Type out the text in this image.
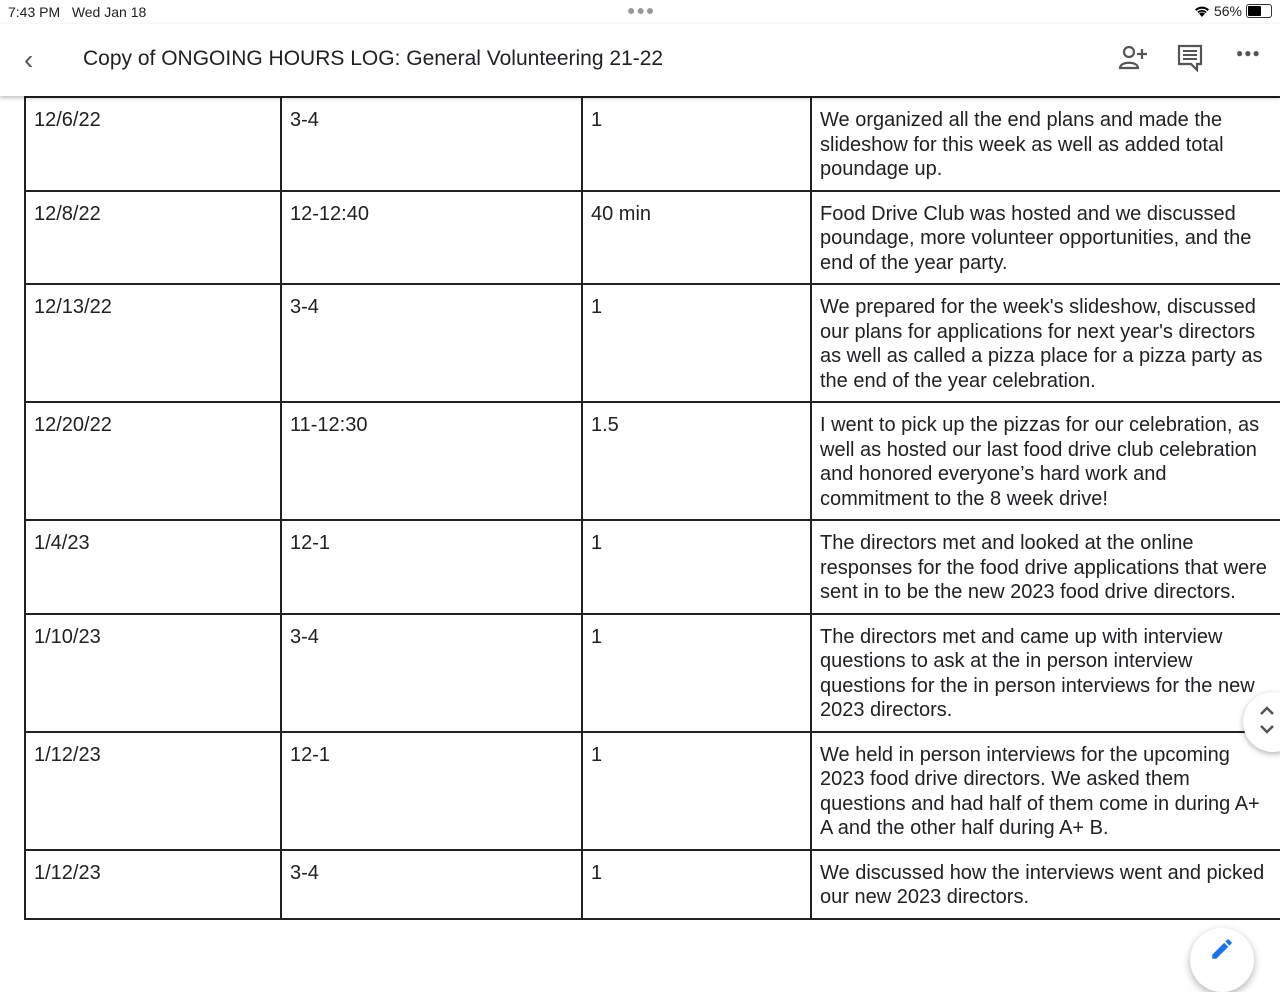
7:43 PM Wed Jan 18	●●●	56%
‹ Copy of ONGOING HOURS LOG: General Volunteering 21-22	●●●

12/6/22	3-4	1	We organized all the end plans and made the
slideshow for this week as well as added total
poundage up.

12/8/22	12-12:40	40 min	Food Drive Club was hosted and we discussed
poundage, more volunteer opportunities, and the
end of the year party.

12/13/22	3-4	1	We prepared for the week's slideshow, discussed
our plans for applications for next year's directors
as well as called a pizza place for a pizza party as
the end of the year celebration.

12/20/22	11-12:30	1.5	I went to pick up the pizzas for our celebration, as
well as hosted our last food drive club celebration
and honored everyone’s hard work and
commitment to the 8 week drive!

1/4/23	12-1	1	The directors met and looked at the online
responses for the food drive applications that were
sent in to be the new 2023 food drive directors.

1/10/23	3-4	1	The directors met and came up with interview
questions to ask at the in person interview
questions for the in person interviews for the new
2023 directors.

1/12/23	12-1	1	We held in person interviews for the upcoming
2023 food drive directors. We asked them
questions and had half of them come in during A+
A and the other half during A+ B.

1/12/23	3-4	1	We discussed how the interviews went and picked
our new 2023 directors.
